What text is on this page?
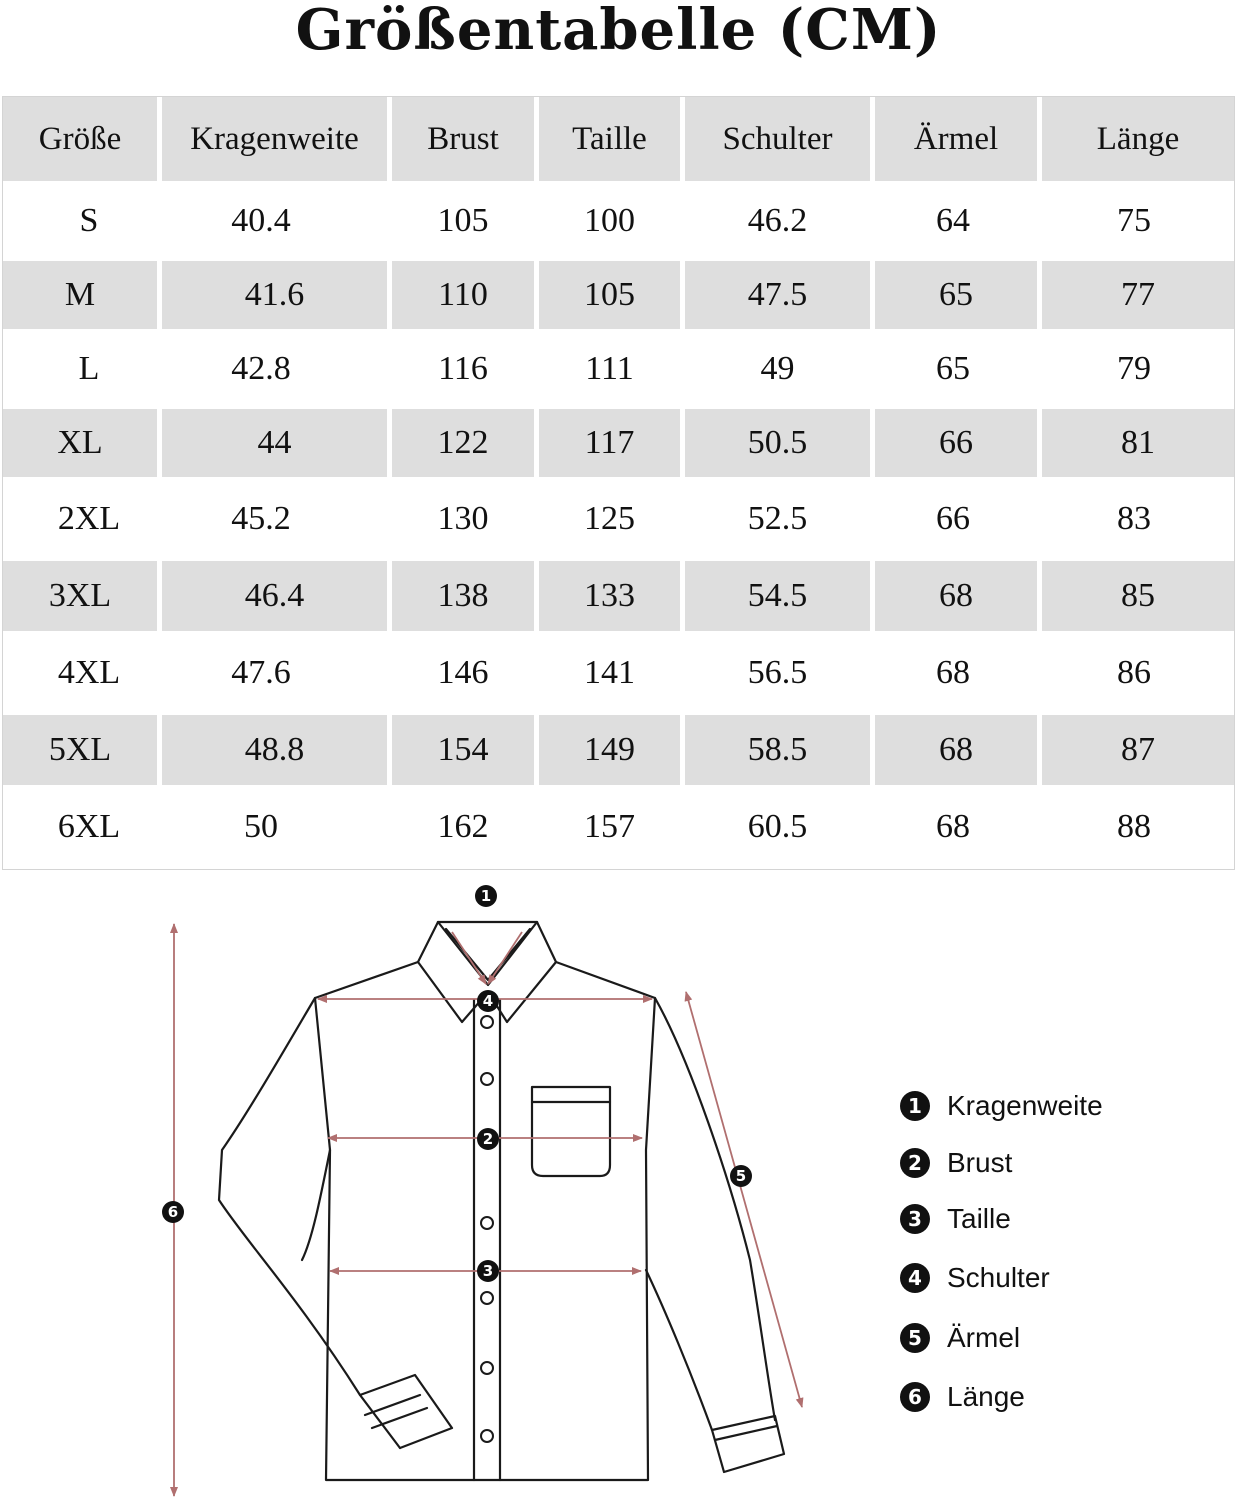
Größentabelle (CM)
Größe	Kragenweite	Brust	Taille	Schulter	Ärmel	Länge
S	40.4	105	100	46.2	64	75
M	41.6	110	105	47.5	65	77
L	42.8	116	111	49	65	79
XL	44	122	117	50.5	66	81
2XL	45.2	130	125	52.5	66	83
3XL	46.4	138	133	54.5	68	85
4XL	47.6	146	141	56.5	68	86
5XL	48.8	154	149	58.5	68	87
6XL	50	162	157	60.5	68	88
1
4
2
3
5
6
1 Kragenweite
2 Brust
3 Taille
4 Schulter
5 Ärmel
6 Länge
